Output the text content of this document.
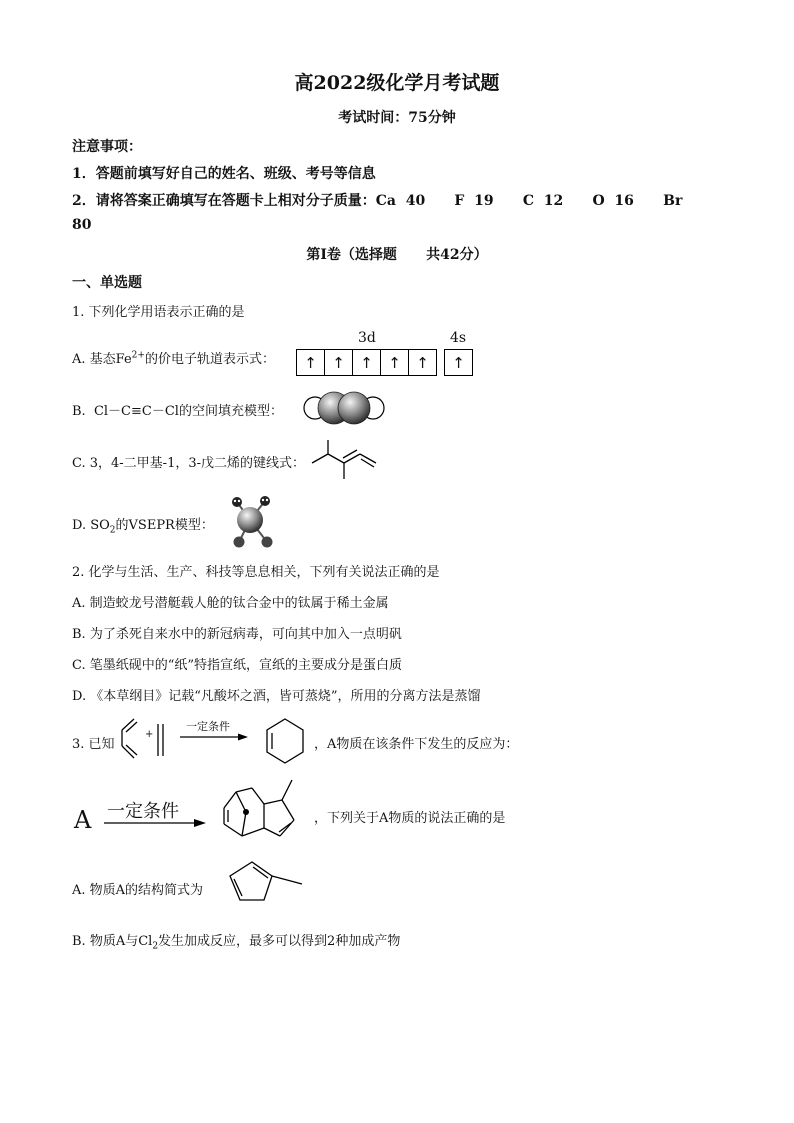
高2022级化学月考试题
考试时间：75分钟
注意事项：
1．答题前填写好自己的姓名、班级、考号等信息
2．请将答案正确填写在答题卡上相对分子质量：Ca  40      F  19      C  12      O  16      Br
80
第Ⅰ卷（选择题      共42分）
一、单选题
1. 下列化学用语表示正确的是
A. 基态$Fe^{2+}$的价电子轨道表示式：
3d	4s
↑	↑	↑	↑	↑	↑
B.  Cl－C≡C－Cl的空间填充模型：
C. 3，4-二甲基-1，3-戊二烯的键线式：
D. $SO_2$的VSEPR模型：
2. 化学与生活、生产、科技等息息相关，下列有关说法正确的是
A. 制造蛟龙号潜艇载人舱的钛合金中的钛属于稀土金属
B. 为了杀死自来水中的新冠病毒，可向其中加入一点明矾
C. 笔墨纸砚中的“纸”特指宣纸，宣纸的主要成分是蛋白质
D. 《本草纲目》记载“凡酸坏之酒，皆可蒸烧”，所用的分离方法是蒸馏
3. 已知
+
一定条件
，A物质在该条件下发生的反应为：
A 一定条件	，下列关于A物质的说法正确的是
A. 物质A的结构简式为
B. 物质A与$Cl_2$发生加成反应，最多可以得到2种加成产物
